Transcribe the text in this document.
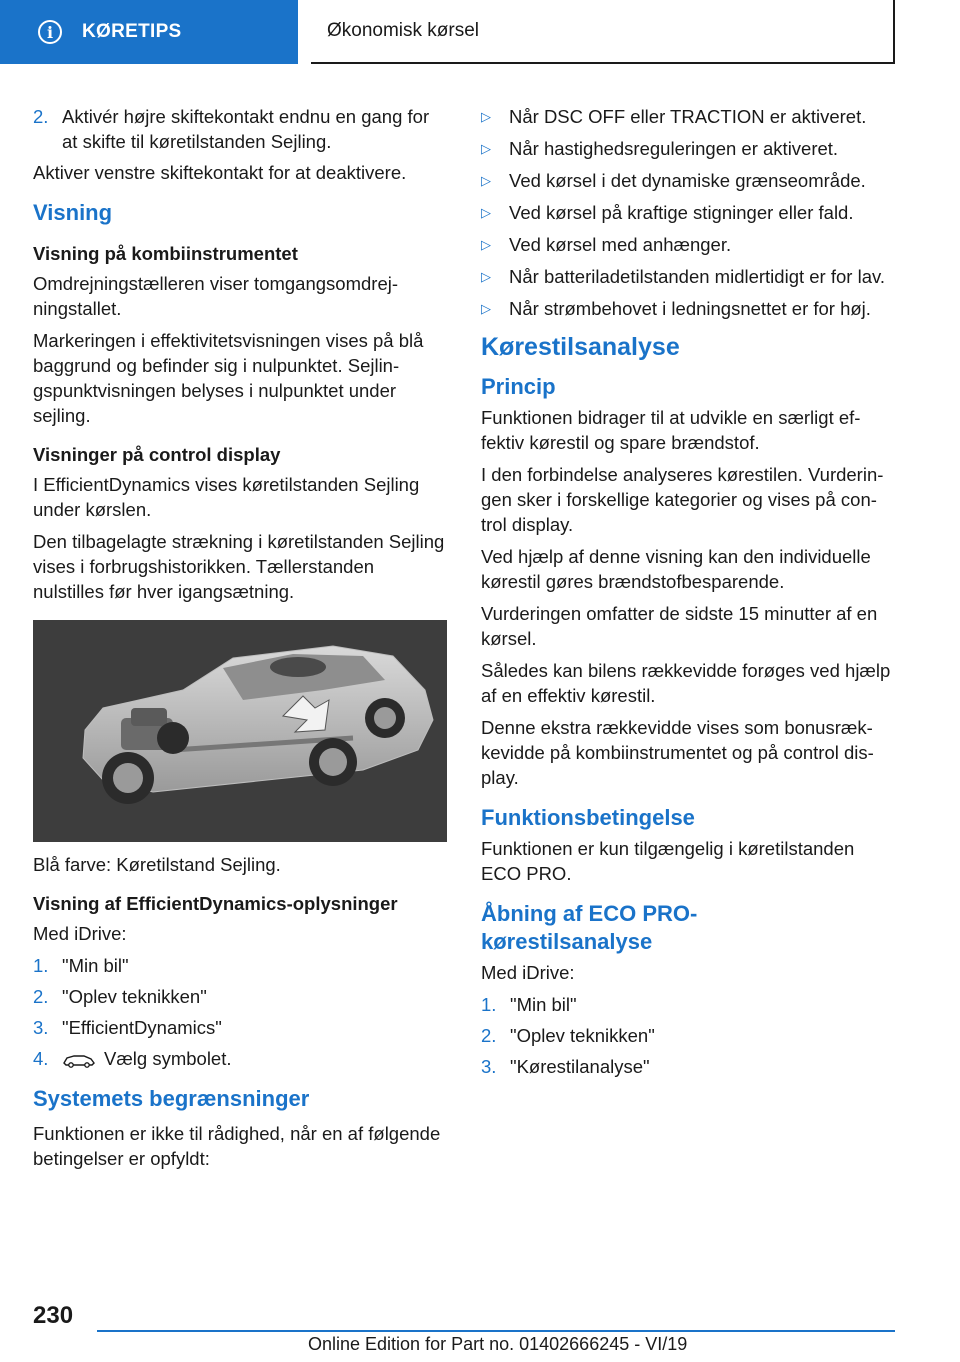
i	KØRETIPS	Økonomisk kørsel
2. Aktivér højre skiftekontakt endnu en gang for at skifte til køretilstanden Sejling.

Aktiver venstre skiftekontakt for at deaktivere.

Visning
Visning på kombiinstrumentet

Omdrejningstælleren viser tomgangsomdrejningstallet.

Markeringen i effektivitetsvisningen vises på blå baggrund og befinder sig i nulpunktet. Sejlingspunktvisningen belyses i nulpunktet under sejling.

Visninger på control display

I EfficientDynamics vises køretilstanden Sejling under kørslen.

Den tilbagelagte strækning i køretilstanden Sejling vises i forbrugshistorikken. Tællerstanden nulstilles før hver igangsætning.

Blå farve: Køretilstand Sejling.

Visning af EfficientDynamics-oplysninger

Med iDrive:

1. "Min bil"
2. "Oplev teknikken"
3. "EfficientDynamics"
4.	Vælg symbolet.
Systemets begrænsninger

Funktionen er ikke til rådighed, når en af følgende betingelser er opfyldt:

▷ Når DSC OFF eller TRACTION er aktiveret.
▷ Når hastighedsreguleringen er aktiveret.
▷ Ved kørsel i det dynamiske grænseområde.
▷ Ved kørsel på kraftige stigninger eller fald.
▷ Ved kørsel med anhænger.
▷ Når batteriladetilstanden midlertidigt er for lav.
▷ Når strømbehovet i ledningsnettet er for høj.
Kørestilsanalyse
Princip

Funktionen bidrager til at udvikle en særligt effektiv kørestil og spare brændstof.

I den forbindelse analyseres kørestilen. Vurderingen sker i forskellige kategorier og vises på control display.

Ved hjælp af denne visning kan den individuelle kørestil gøres brændstofbesparende.

Vurderingen omfatter de sidste 15 minutter af en kørsel.

Således kan bilens rækkevidde forøges ved hjælp af en effektiv kørestil.

Denne ekstra rækkevidde vises som bonusrækkevidde på kombiinstrumentet og på control display.

Funktionsbetingelse

Funktionen er kun tilgængelig i køretilstanden ECO PRO.

Åbning af ECO PRO-kørestilsanalyse

Med iDrive:

1. "Min bil"
2. "Oplev teknikken"
3. "Kørestilanalyse"
230
Online Edition for Part no. 01402666245 - VI/19
